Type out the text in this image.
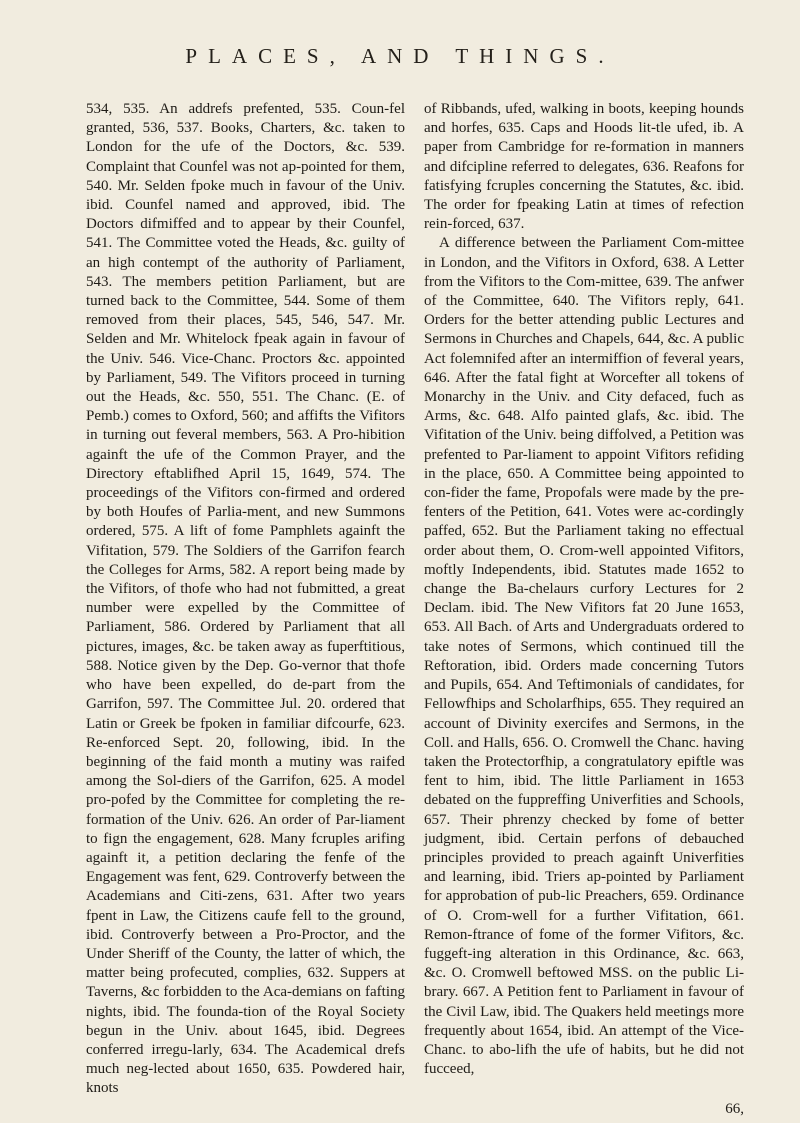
PLACES, AND THINGS.

534, 535. An addrefs prefented, 535. Coun-fel granted, 536, 537. Books, Charters, &c. taken to London for the ufe of the Doctors, &c. 539. Complaint that Counfel was not ap-pointed for them, 540. Mr. Selden fpoke much in favour of the Univ. ibid. Counfel named and approved, ibid. The Doctors difmiffed and to appear by their Counfel, 541. The Committee voted the Heads, &c. guilty of an high contempt of the authority of Parliament, 543. The members petition Parliament, but are turned back to the Committee, 544. Some of them removed from their places, 545, 546, 547. Mr. Selden and Mr. Whitelock fpeak again in favour of the Univ. 546. Vice-Chanc. Proctors &c. appointed by Parliament, 549. The Vifitors proceed in turning out the Heads, &c. 550, 551. The Chanc. (E. of Pemb.) comes to Oxford, 560; and affifts the Vifitors in turning out feveral members, 563. A Pro-hibition againft the ufe of the Common Prayer, and the Directory eftablifhed April 15, 1649, 574. The proceedings of the Vifitors con-firmed and ordered by both Houfes of Parlia-ment, and new Summons ordered, 575. A lift of fome Pamphlets againft the Vifitation, 579. The Soldiers of the Garrifon fearch the Colleges for Arms, 582. A report being made by the Vifitors, of thofe who had not fubmitted, a great number were expelled by the Committee of Parliament, 586. Ordered by Parliament that all pictures, images, &c. be taken away as fuperftitious, 588. Notice given by the Dep. Go-vernor that thofe who have been expelled, do de-part from the Garrifon, 597. The Committee Jul. 20. ordered that Latin or Greek be fpoken in familiar difcourfe, 623. Re-enforced Sept. 20, following, ibid. In the beginning of the faid month a mutiny was raifed among the Sol-diers of the Garrifon, 625. A model pro-pofed by the Committee for completing the re-formation of the Univ. 626. An order of Par-liament to fign the engagement, 628. Many fcruples arifing againft it, a petition declaring the fenfe of the Engagement was fent, 629. Controverfy between the Academians and Citi-zens, 631. After two years fpent in Law, the Citizens caufe fell to the ground, ibid. Controverfy between a Pro-Proctor, and the Under Sheriff of the County, the latter of which, the matter being profecuted, complies, 632. Suppers at Taverns, &c forbidden to the Aca-demians on fafting nights, ibid. The founda-tion of the Royal Society begun in the Univ. about 1645, ibid. Degrees conferred irregu-larly, 634. The Academical drefs much neg-lected about 1650, 635. Powdered hair, knots

of Ribbands, ufed, walking in boots, keeping hounds and horfes, 635. Caps and Hoods lit-tle ufed, ib. A paper from Cambridge for re-formation in manners and difcipline referred to delegates, 636. Reafons for fatisfying fcruples concerning the Statutes, &c. ibid. The order for fpeaking Latin at times of refection rein-forced, 637.

A difference between the Parliament Com-mittee in London, and the Vifitors in Oxford, 638. A Letter from the Vifitors to the Com-mittee, 639. The anfwer of the Committee, 640. The Vifitors reply, 641. Orders for the better attending public Lectures and Sermons in Churches and Chapels, 644, &c. A public Act folemnifed after an intermiffion of feveral years, 646. After the fatal fight at Worcefter all tokens of Monarchy in the Univ. and City defaced, fuch as Arms, &c. 648. Alfo painted glafs, &c. ibid. The Vifitation of the Univ. being diffolved, a Petition was prefented to Par-liament to appoint Vifitors refiding in the place, 650. A Committee being appointed to con-fider the fame, Propofals were made by the pre-fenters of the Petition, 641. Votes were ac-cordingly paffed, 652. But the Parliament taking no effectual order about them, O. Crom-well appointed Vifitors, moftly Independents, ibid. Statutes made 1652 to change the Ba-chelaurs curfory Lectures for 2 Declam. ibid. The New Vifitors fat 20 June 1653, 653. All Bach. of Arts and Undergraduats ordered to take notes of Sermons, which continued till the Reftoration, ibid. Orders made concerning Tutors and Pupils, 654. And Teftimonials of candidates, for Fellowfhips and Scholarfhips, 655. They required an account of Divinity exercifes and Sermons, in the Coll. and Halls, 656. O. Cromwell the Chanc. having taken the Protectorfhip, a congratulatory epiftle was fent to him, ibid. The little Parliament in 1653 debated on the fuppreffing Univerfities and Schools, 657. Their phrenzy checked by fome of better judgment, ibid. Certain perfons of debauched principles provided to preach againft Univerfities and learning, ibid. Triers ap-pointed by Parliament for approbation of pub-lic Preachers, 659. Ordinance of O. Crom-well for a further Vifitation, 661. Remon-ftrance of fome of the former Vifitors, &c. fuggeft-ing alteration in this Ordinance, &c. 663, &c. O. Cromwell beftowed MSS. on the public Li-brary. 667. A Petition fent to Parliament in favour of the Civil Law, ibid. The Quakers held meetings more frequently about 1654, ibid. An attempt of the Vice-Chanc. to abo-lifh the ufe of habits, but he did not fucceed,

66,
